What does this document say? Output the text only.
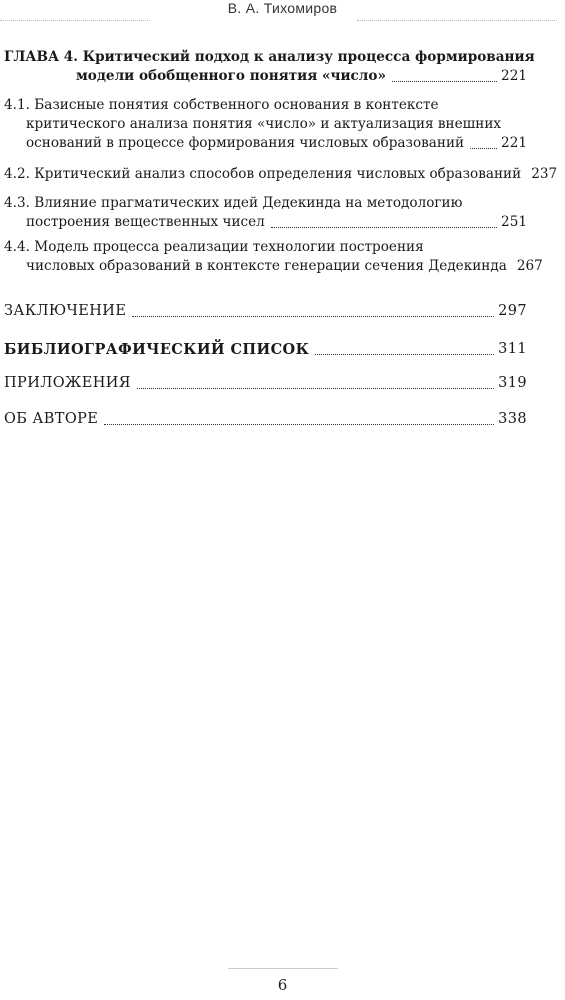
В. А. Тихомиров
ГЛАВА 4. Критический подход к анализу процесса формирования
модели обобщенного понятия «число»	221
4.1. Базисные понятия собственного основания в контексте
критического анализа понятия «число» и актуализация внешних
оснований в процессе формирования числовых образований	221
4.2. Критический анализ способов определения числовых образований 237
4.3. Влияние прагматических идей Дедекинда на методологию
построения вещественных чисел	251
4.4. Модель процесса реализации технологии построения
числовых образований в контексте генерации сечения Дедекинда 267
ЗАКЛЮЧЕНИЕ	297
БИБЛИОГРАФИЧЕСКИЙ СПИСОК	311
ПРИЛОЖЕНИЯ	319
ОБ АВТОРЕ	338
6
